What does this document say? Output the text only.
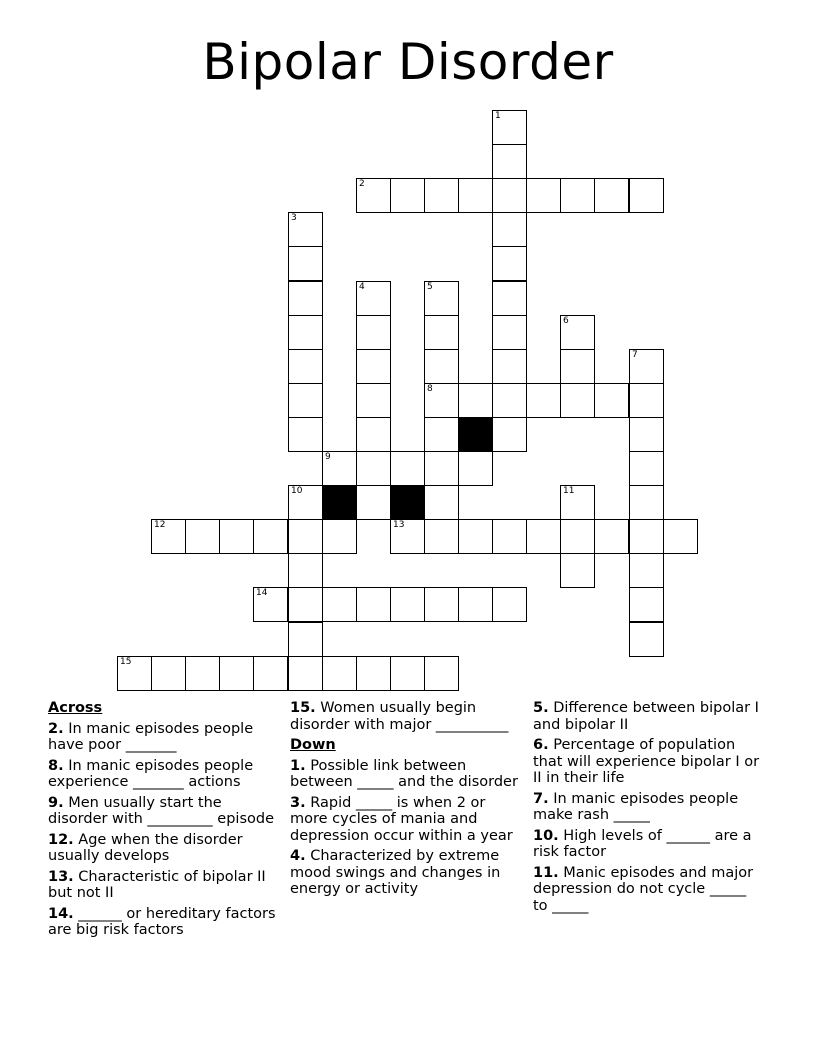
Bipolar Disorder
1
2
3
4	5
6
7
8
9
10	11
12	13
14
15
Across
2. In manic episodes people have poor _______
8. In manic episodes people experience _______ actions
9. Men usually start the disorder with _________ episode
12. Age when the disorder usually develops
13. Characteristic of bipolar II but not II
14. ______ or hereditary factors are big risk factors
15. Women usually begin disorder with major __________
Down
1. Possible link between between _____ and the disorder
3. Rapid _____ is when 2 or more cycles of mania and depression occur within a year
4. Characterized by extreme mood swings and changes in energy or activity
5. Difference between bipolar I and bipolar II
6. Percentage of population that will experience bipolar I or II in their life
7. In manic episodes people make rash _____
10. High levels of ______ are a risk factor
11. Manic episodes and major depression do not cycle _____ to _____
